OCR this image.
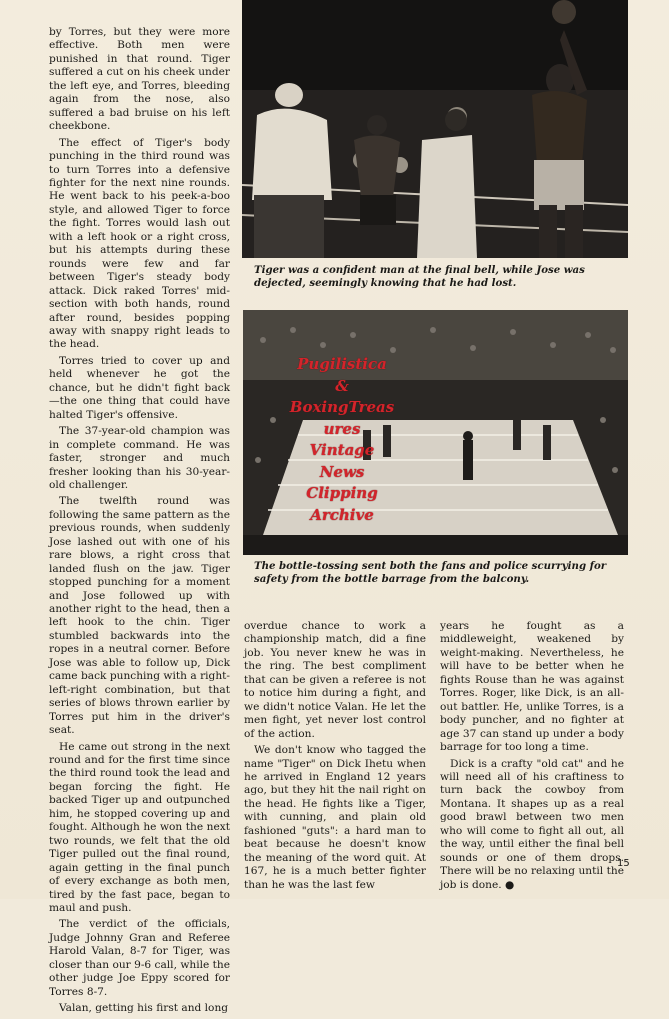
by Torres, but they were more effective. Both men were punished in that round. Tiger suffered a cut on his cheek under the left eye, and Torres, bleeding again from the nose, also suffered a bad bruise on his left cheekbone.

The effect of Tiger's body punching in the third round was to turn Torres into a defensive fighter for the next nine rounds. He went back to his peek-a-boo style, and allowed Tiger to force the fight. Torres would lash out with a left hook or a right cross, but his attempts during these rounds were few and far between Tiger's steady body attack. Dick raked Torres' mid-section with both hands, round after round, besides popping away with snappy right leads to the head.

Torres tried to cover up and held whenever he got the chance, but he didn't fight back—the one thing that could have halted Tiger's offensive.

The 37-year-old champion was in complete command. He was faster, stronger and much fresher looking than his 30-year-old challenger.

The twelfth round was following the same pattern as the previous rounds, when suddenly Jose lashed out with one of his rare blows, a right cross that landed flush on the jaw. Tiger stopped punching for a moment and Jose followed up with another right to the head, then a left hook to the chin. Tiger stumbled backwards into the ropes in a neutral corner. Before Jose was able to follow up, Dick came back punching with a right-left-right combination, but that series of blows thrown earlier by Torres put him in the driver's seat.

He came out strong in the next round and for the first time since the third round took the lead and began forcing the fight. He backed Tiger up and outpunched him, he stopped covering up and fought. Although he won the next two rounds, we felt that the old Tiger pulled out the final round, again getting in the final punch of every exchange as both men, tired by the fast pace, began to maul and push.

The verdict of the officials, Judge Johnny Gran and Referee Harold Valan, 8-7 for Tiger, was closer than our 9-6 call, while the other judge Joe Eppy scored for Torres 8-7.

Valan, getting his first and long

Tiger was a confident man at the final bell, while Jose was dejected, seemingly knowing that he had lost.
The bottle-tossing sent both the fans and police scurrying for safety from the bottle barrage from the balcony.
Pugilistica
&
BoxingTreas
ures
Vintage
News
Clipping
Archive

overdue chance to work a championship match, did a fine job. You never knew he was in the ring. The best compliment that can be given a referee is not to notice him during a fight, and we didn't notice Valan. He let the men fight, yet never lost control of the action.

We don't know who tagged the name "Tiger" on Dick Ihetu when he arrived in England 12 years ago, but they hit the nail right on the head. He fights like a Tiger, with cunning, and plain old fashioned "guts": a hard man to beat because he doesn't know the meaning of the word quit. At 167, he is a much better fighter than he was the last few

years he fought as a middleweight, weakened by weight-making. Nevertheless, he will have to be better when he fights Rouse than he was against Torres. Roger, like Dick, is an all-out battler. He, unlike Torres, is a body puncher, and no fighter at age 37 can stand up under a body barrage for too long a time.

Dick is a crafty "old cat" and he will need all of his craftiness to turn back the cowboy from Montana. It shapes up as a real good brawl between two men who will come to fight all out, all the way, until either the final bell sounds or one of them drops. There will be no relaxing until the job is done. ●

15
